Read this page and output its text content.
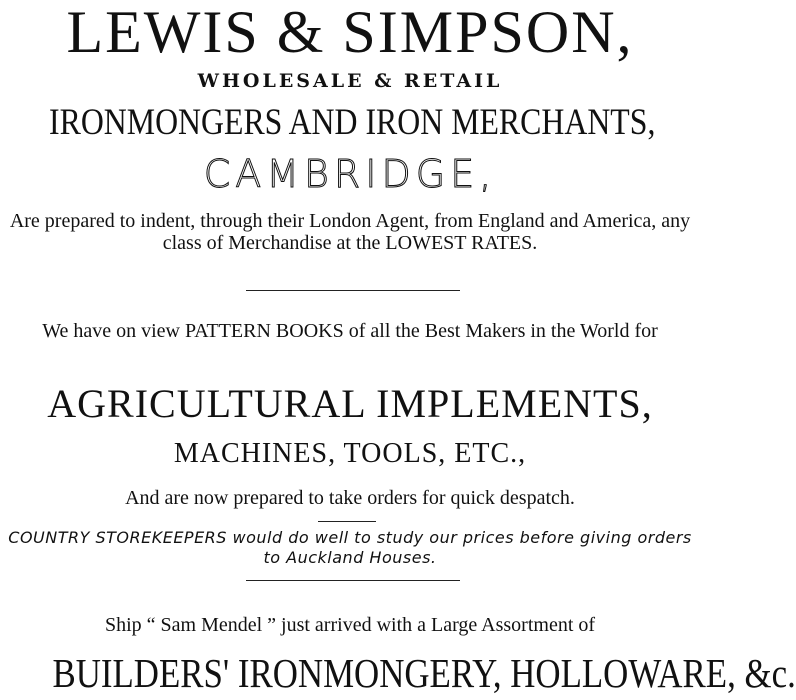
LEWIS & SIMPSON,
WHOLESALE & RETAIL
IRONMONGERS AND IRON MERCHANTS,
CAMBRIDGE,
Are prepared to indent, through their London Agent, from England and America, any class of Merchandise at the LOWEST RATES.
We have on view PATTERN BOOKS of all the Best Makers in the World for
AGRICULTURAL IMPLEMENTS,
MACHINES, TOOLS, ETC.,
And are now prepared to take orders for quick despatch.
COUNTRY STOREKEEPERS would do well to study our prices before giving orders to Auckland Houses.
Ship “ Sam Mendel ” just arrived with a Large Assortment of
BUILDERS' IRONMONGERY, HOLLOWARE, &c.
